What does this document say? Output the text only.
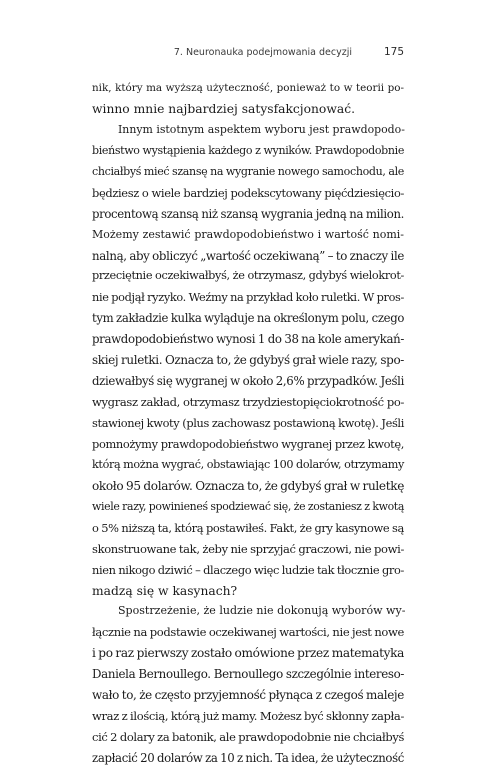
7. Neuronauka podejmowania decyzji	175
nik, który ma wyższą użyteczność, ponieważ to w teorii po-
winno mnie najbardziej satysfakcjonować.
Innym istotnym aspektem wyboru jest prawdopodo-
bieństwo wystąpienia każdego z wyników. Prawdopodobnie
chciałbyś mieć szansę na wygranie nowego samochodu, ale
będziesz o wiele bardziej podekscytowany pięćdziesięcio-
procentową szansą niż szansą wygrania jedną na milion.
Możemy zestawić prawdopodobieństwo i wartość nomi-
nalną, aby obliczyć „wartość oczekiwaną” – to znaczy ile
przeciętnie oczekiwałbyś, że otrzymasz, gdybyś wielokrot-
nie podjął ryzyko. Weźmy na przykład koło ruletki. W pros-
tym zakładzie kulka wyląduje na określonym polu, czego
prawdopodobieństwo wynosi 1 do 38 na kole amerykań-
skiej ruletki. Oznacza to, że gdybyś grał wiele razy, spo-
dziewałbyś się wygranej w około 2,6% przypadków. Jeśli
wygrasz zakład, otrzymasz trzydziestopięciokrotność po-
stawionej kwoty (plus zachowasz postawioną kwotę). Jeśli
pomnożymy prawdopodobieństwo wygranej przez kwotę,
którą można wygrać, obstawiając 100 dolarów, otrzymamy
około 95 dolarów. Oznacza to, że gdybyś grał w ruletkę
wiele razy, powinieneś spodziewać się, że zostaniesz z kwotą
o 5% niższą ta, którą postawiłeś. Fakt, że gry kasynowe są
skonstruowane tak, żeby nie sprzyjać graczowi, nie powi-
nien nikogo dziwić – dlaczego więc ludzie tak tłocznie gro-
madzą się w kasynach?
Spostrzeżenie, że ludzie nie dokonują wyborów wy-
łącznie na podstawie oczekiwanej wartości, nie jest nowe
i po raz pierwszy zostało omówione przez matematyka
Daniela Bernoullego. Bernoullego szczególnie intereso-
wało to, że często przyjemność płynąca z czegoś maleje
wraz z ilością, którą już mamy. Możesz być skłonny zapła-
cić 2 dolary za batonik, ale prawdopodobnie nie chciałbyś
zapłacić 20 dolarów za 10 z nich. Ta idea, że użyteczność
